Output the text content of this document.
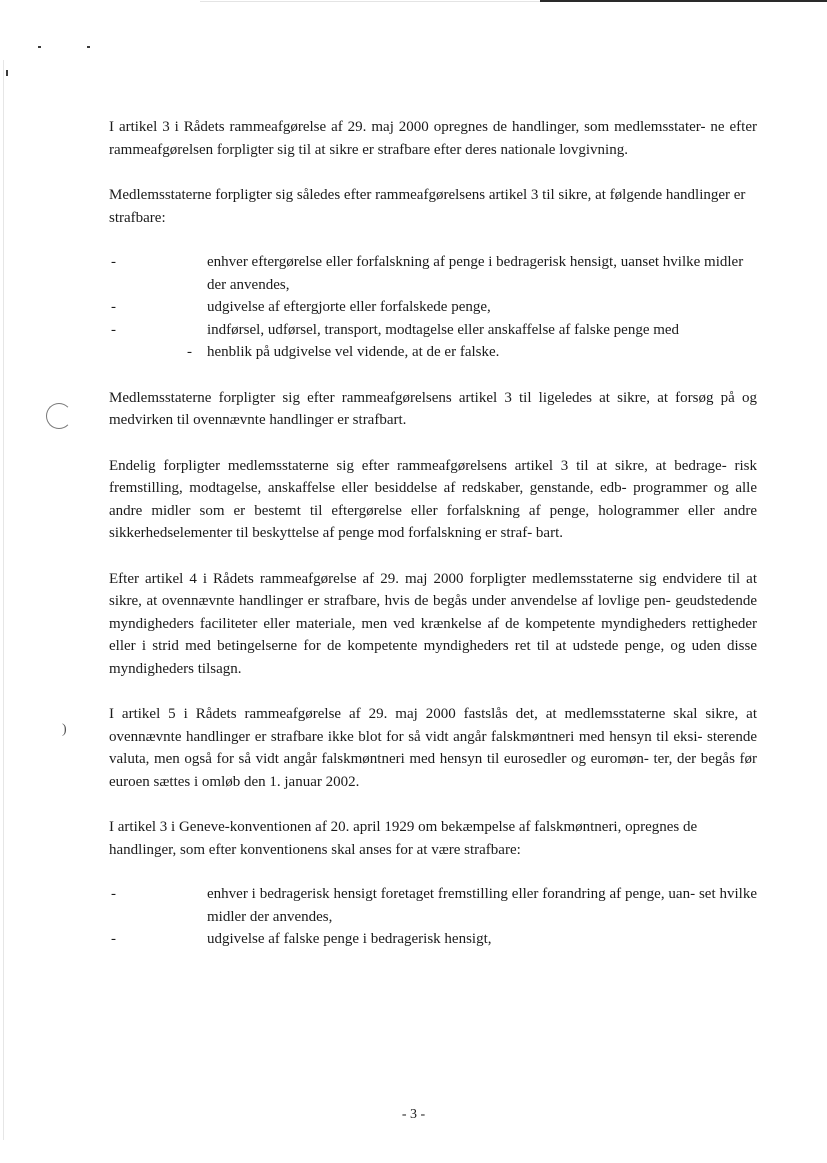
)

I artikel 3 i Rådets rammeafgørelse af 29. maj 2000 opregnes de handlinger, som medlemsstater- ne efter rammeafgørelsen forpligter sig til at sikre er strafbare efter deres nationale lovgivning.

Medlemsstaterne forpligter sig således efter rammeafgørelsens artikel 3 til sikre, at følgende handlinger er strafbare:

-	enhver eftergørelse eller forfalskning af penge i bedragerisk hensigt, uanset hvilke midler der anvendes,
-	udgivelse af eftergjorte eller forfalskede penge,
-	indførsel, udførsel, transport, modtagelse eller anskaffelse af falske penge med
- henblik på udgivelse vel vidende, at de er falske.

Medlemsstaterne forpligter sig efter rammeafgørelsens artikel 3 til ligeledes at sikre, at forsøg på og medvirken til ovennævnte handlinger er strafbart.

Endelig forpligter medlemsstaterne sig efter rammeafgørelsens artikel 3 til at sikre, at bedrage- risk fremstilling, modtagelse, anskaffelse eller besiddelse af redskaber, genstande, edb- programmer og alle andre midler som er bestemt til eftergørelse eller forfalskning af penge, hologrammer eller andre sikkerhedselementer til beskyttelse af penge mod forfalskning er straf- bart.

Efter artikel 4 i Rådets rammeafgørelse af 29. maj 2000 forpligter medlemsstaterne sig endvidere til at sikre, at ovennævnte handlinger er strafbare, hvis de begås under anvendelse af lovlige pen- geudstedende myndigheders faciliteter eller materiale, men ved krænkelse af de kompetente myndigheders rettigheder eller i strid med betingelserne for de kompetente myndigheders ret til at udstede penge, og uden disse myndigheders tilsagn.

I artikel 5 i Rådets rammeafgørelse af 29. maj 2000 fastslås det, at medlemsstaterne skal sikre, at ovennævnte handlinger er strafbare ikke blot for så vidt angår falskmøntneri med hensyn til eksi- sterende valuta, men også for så vidt angår falskmøntneri med hensyn til eurosedler og euromøn- ter, der begås før euroen sættes i omløb den 1. januar 2002.

I artikel 3 i Geneve-konventionen af 20. april 1929 om bekæmpelse af falskmøntneri, opregnes de handlinger, som efter konventionens skal anses for at være strafbare:

-	enhver i bedragerisk hensigt foretaget fremstilling eller forandring af penge, uan- set hvilke midler der anvendes,
-	udgivelse af falske penge i bedragerisk hensigt,
- 3 -
